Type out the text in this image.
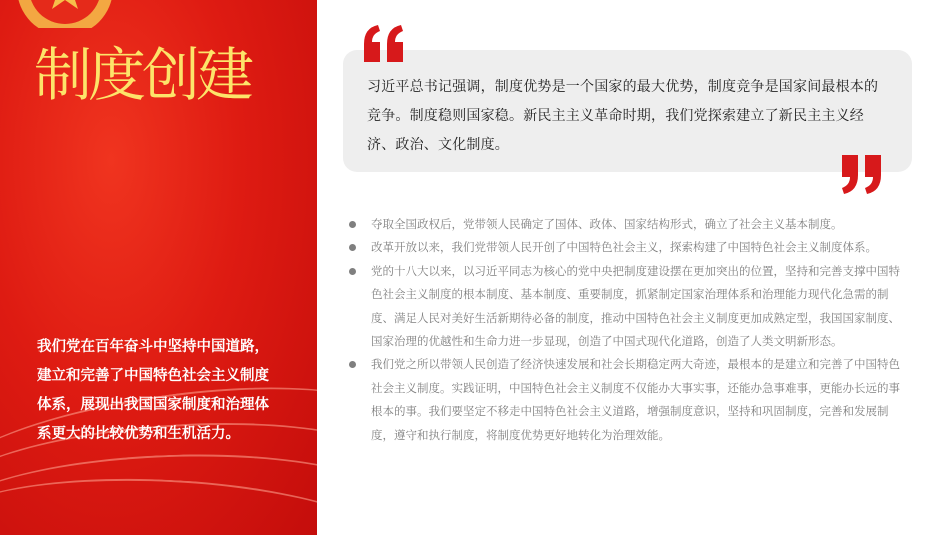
制度创建
我们党在百年奋斗中坚持中国道路，建立和完善了中国特色社会主义制度体系，展现出我国国家制度和治理体系更大的比较优势和生机活力。
习近平总书记强调，制度优势是一个国家的最大优势，制度竞争是国家间最根本的竞争。制度稳则国家稳。新民主主义革命时期，我们党探索建立了新民主主义经济、政治、文化制度。
夺取全国政权后，党带领人民确定了国体、政体、国家结构形式，确立了社会主义基本制度。
改革开放以来，我们党带领人民开创了中国特色社会主义，探索构建了中国特色社会主义制度体系。
党的十八大以来，以习近平同志为核心的党中央把制度建设摆在更加突出的位置，坚持和完善支撑中国特色社会主义制度的根本制度、基本制度、重要制度，抓紧制定国家治理体系和治理能力现代化急需的制度、满足人民对美好生活新期待必备的制度，推动中国特色社会主义制度更加成熟定型，我国国家制度、国家治理的优越性和生命力进一步显现，创造了中国式现代化道路，创造了人类文明新形态。
我们党之所以带领人民创造了经济快速发展和社会长期稳定两大奇迹，最根本的是建立和完善了中国特色社会主义制度。实践证明，中国特色社会主义制度不仅能办大事实事，还能办急事难事，更能办长远的事根本的事。我们要坚定不移走中国特色社会主义道路，增强制度意识，坚持和巩固制度，完善和发展制度，遵守和执行制度，将制度优势更好地转化为治理效能。
